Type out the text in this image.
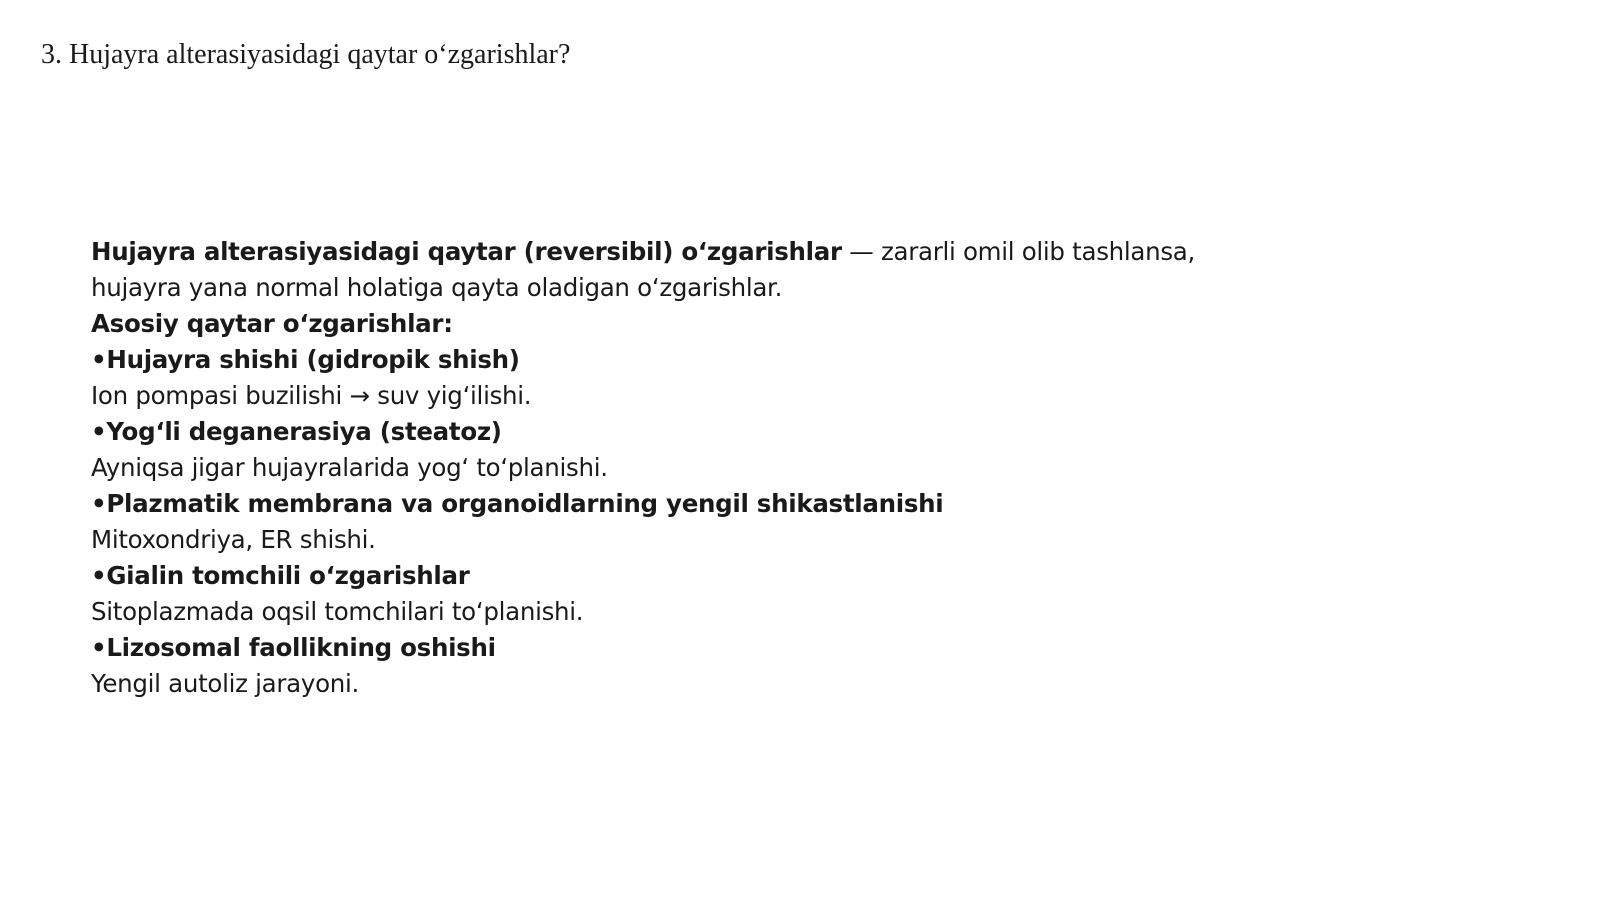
3. Hujayra alterasiyasidagi qaytar o‘zgarishlar?
Hujayra alterasiyasidagi qaytar (reversibil) o‘zgarishlar — zararli omil olib tashlansa,
hujayra yana normal holatiga qayta oladigan o‘zgarishlar.
Asosiy qaytar o‘zgarishlar:
•Hujayra shishi (gidropik shish)
Ion pompasi buzilishi → suv yig‘ilishi.
•Yog‘li deganerasiya (steatoz)
Ayniqsa jigar hujayralarida yog‘ to‘planishi.
•Plazmatik membrana va organoidlarning yengil shikastlanishi
Mitoxondriya, ER shishi.
•Gialin tomchili o‘zgarishlar
Sitoplazmada oqsil tomchilari to‘planishi.
•Lizosomal faollikning oshishi
Yengil autoliz jarayoni.
